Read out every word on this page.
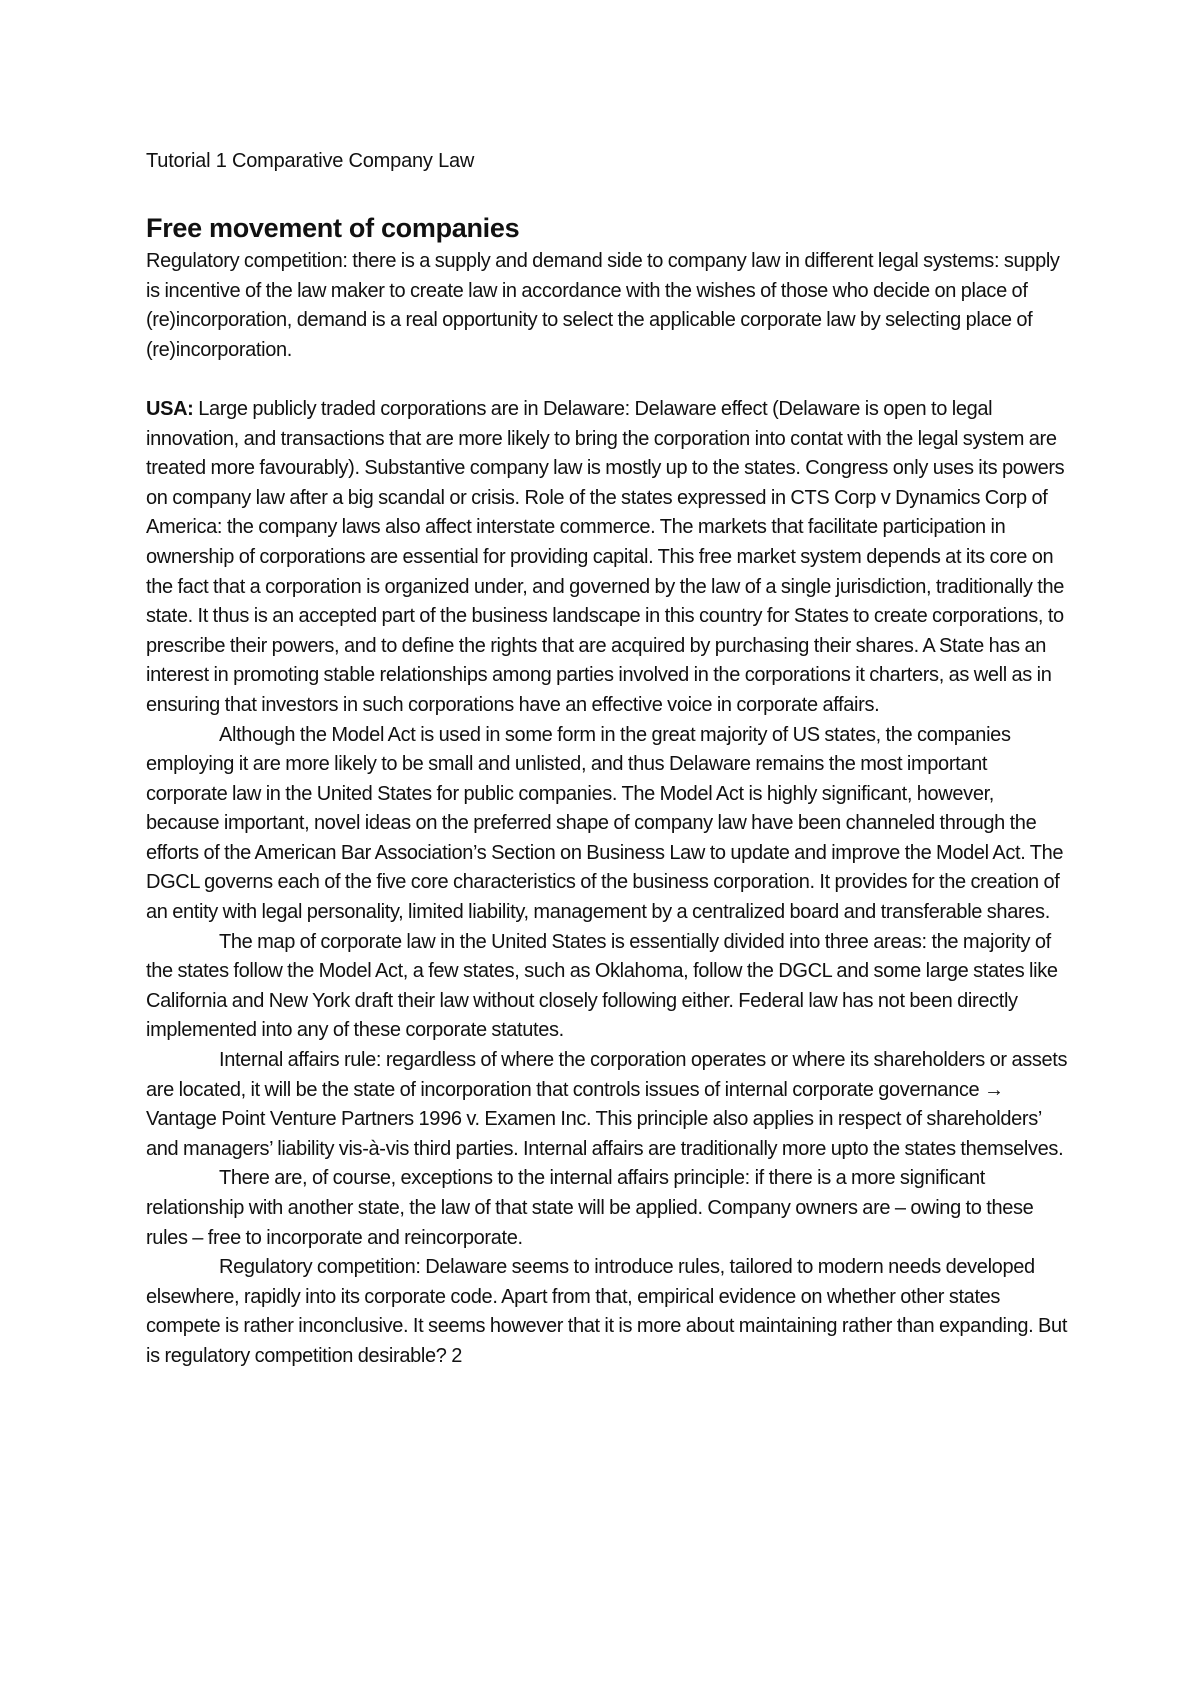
Tutorial 1 Comparative Company Law
Free movement of companies

Regulatory competition: there is a supply and demand side to company law in different legal systems: supply is incentive of the law maker to create law in accordance with the wishes of those who decide on place of (re)incorporation, demand is a real opportunity to select the applicable corporate law by selecting place of (re)incorporation.

USA: Large publicly traded corporations are in Delaware: Delaware effect (Delaware is open to legal innovation, and transactions that are more likely to bring the corporation into contat with the legal system are treated more favourably). Substantive company law is mostly up to the states. Congress only uses its powers on company law after a big scandal or crisis. Role of the states expressed in CTS Corp v Dynamics Corp of America: the company laws also affect interstate commerce. The markets that facilitate participation in ownership of corporations are essential for providing capital. This free market system depends at its core on the fact that a corporation is organized under, and governed by the law of a single jurisdiction, traditionally the state. It thus is an accepted part of the business landscape in this country for States to create corporations, to prescribe their powers, and to define the rights that are acquired by purchasing their shares. A State has an interest in promoting stable relationships among parties involved in the corporations it charters, as well as in ensuring that investors in such corporations have an effective voice in corporate affairs.

Although the Model Act is used in some form in the great majority of US states, the companies employing it are more likely to be small and unlisted, and thus Delaware remains the most important corporate law in the United States for public companies. The Model Act is highly significant, however, because important, novel ideas on the preferred shape of company law have been channeled through the efforts of the American Bar Association’s Section on Business Law to update and improve the Model Act. The DGCL governs each of the five core characteristics of the business corporation. It provides for the creation of an entity with legal personality, limited liability, management by a centralized board and transferable shares.

The map of corporate law in the United States is essentially divided into three areas: the majority of the states follow the Model Act, a few states, such as Oklahoma, follow the DGCL and some large states like California and New York draft their law without closely following either. Federal law has not been directly implemented into any of these corporate statutes.

Internal affairs rule: regardless of where the corporation operates or where its shareholders or assets are located, it will be the state of incorporation that controls issues of internal corporate governance → Vantage Point Venture Partners 1996 v. Examen Inc. This principle also applies in respect of shareholders’ and managers’ liability vis-à-vis third parties. Internal affairs are traditionally more upto the states themselves.

There are, of course, exceptions to the internal affairs principle: if there is a more significant relationship with another state, the law of that state will be applied. Company owners are – owing to these rules – free to incorporate and reincorporate.

Regulatory competition: Delaware seems to introduce rules, tailored to modern needs developed elsewhere, rapidly into its corporate code. Apart from that, empirical evidence on whether other states compete is rather inconclusive. It seems however that it is more about maintaining rather than expanding. But is regulatory competition desirable? 2
